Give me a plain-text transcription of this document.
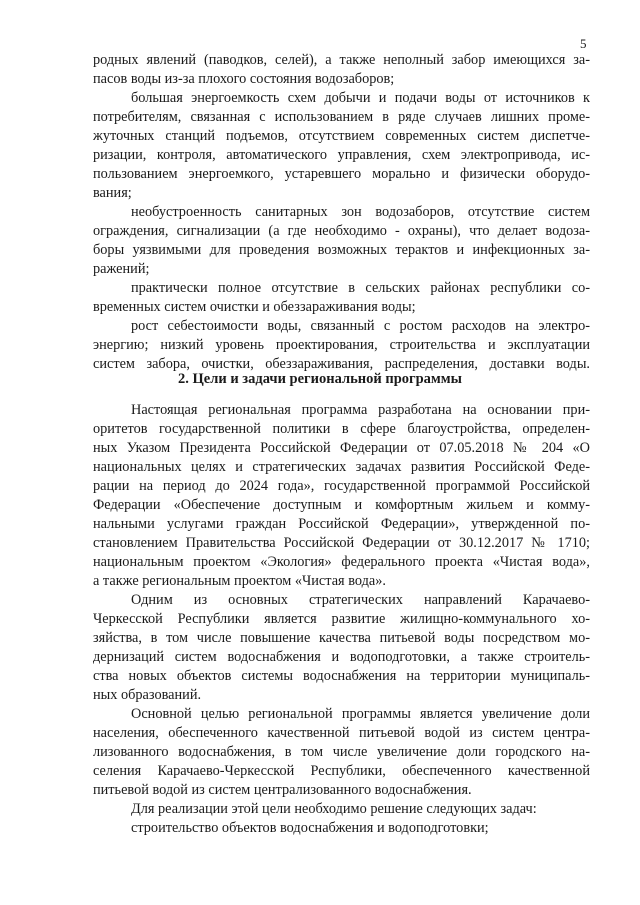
5
родных явлений (паводков, селей), а также неполный забор имеющихся за-
пасов воды из-за плохого состояния водозаборов;
большая энергоемкость схем добычи и подачи воды от источников к
потребителям, связанная с использованием в ряде случаев лишних проме-
жуточных станций подъемов, отсутствием современных систем диспетче-
ризации, контроля, автоматического управления, схем электропривода, ис-
пользованием энергоемкого, устаревшего морально и физически оборудо-
вания;
необустроенность санитарных зон водозаборов, отсутствие систем
ограждения, сигнализации (а где необходимо - охраны), что делает водоза-
боры уязвимыми для проведения возможных терактов и инфекционных за-
ражений;
практически полное отсутствие в сельских районах республики со-
временных систем очистки и обеззараживания воды;
рост себестоимости воды, связанный с ростом расходов на электро-
энергию; низкий уровень проектирования, строительства и эксплуатации
систем забора, очистки, обеззараживания, распределения, доставки воды.
2. Цели и задачи региональной программы
Настоящая региональная программа разработана на основании при-
оритетов государственной политики в сфере благоустройства, определен-
ных Указом Президента Российской Федерации от 07.05.2018 № 204 «О
национальных целях и стратегических задачах развития Российской Феде-
рации на период до 2024 года», государственной программой Российской
Федерации «Обеспечение доступным и комфортным жильем и комму-
нальными услугами граждан Российской Федерации», утвержденной по-
становлением Правительства Российской Федерации от 30.12.2017 № 1710;
национальным проектом «Экология» федерального проекта «Чистая вода»,
а также региональным проектом «Чистая вода».
Одним из основных стратегических направлений Карачаево-
Черкесской Республики является развитие жилищно-коммунального хо-
зяйства, в том числе повышение качества питьевой воды посредством мо-
дернизаций систем водоснабжения и водоподготовки, а также строитель-
ства новых объектов системы водоснабжения на территории муниципаль-
ных образований.
Основной целью региональной программы является увеличение доли
населения, обеспеченного качественной питьевой водой из систем центра-
лизованного водоснабжения, в том числе увеличение доли городского на-
селения Карачаево-Черкесской Республики, обеспеченного качественной
питьевой водой из систем централизованного водоснабжения.
Для реализации этой цели необходимо решение следующих задач:
строительство объектов водоснабжения и водоподготовки;
